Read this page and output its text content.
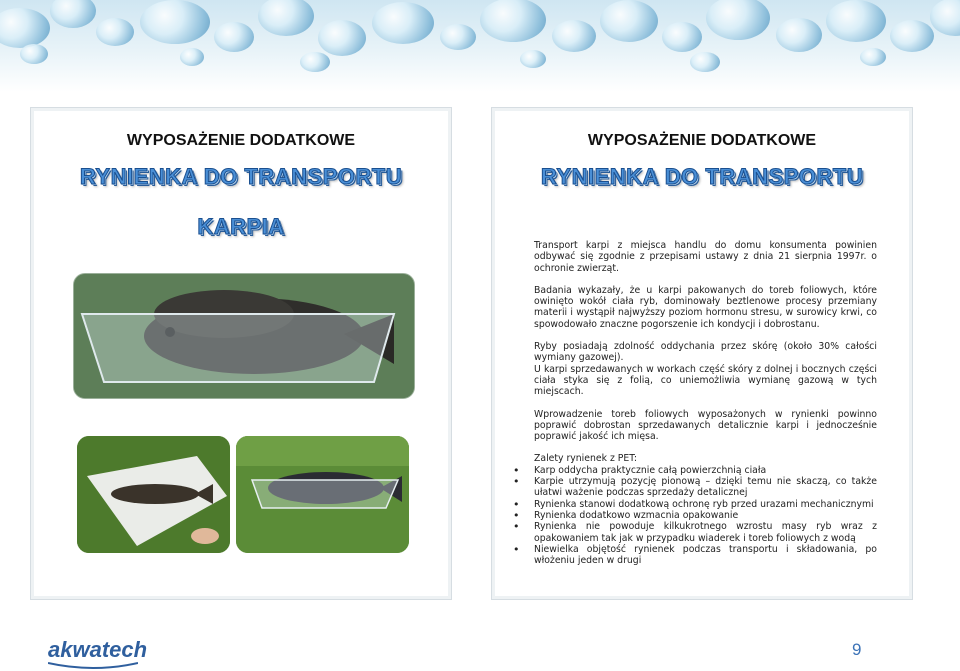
WYPOSAŻENIE DODATKOWE
RYNIENKA DO TRANSPORTU
KARPIA
WYPOSAŻENIE DODATKOWE
RYNIENKA DO TRANSPORTU

Transport karpi z miejsca handlu do domu konsumenta powinien odbywać się zgodnie z przepisami ustawy z dnia 21 sierpnia 1997r. o ochronie zwierząt.

Badania wykazały, że u karpi pakowanych do toreb foliowych, które owinięto wokół ciała ryb, dominowały beztlenowe procesy przemiany materii i wystąpił najwyższy poziom hormonu stresu, w surowicy krwi, co spowodowało znaczne pogorszenie ich kondycji i dobrostanu.

Ryby posiadają zdolność oddychania przez skórę (około 30% całości wymiany gazowej).

U karpi sprzedawanych w workach część skóry z dolnej i bocznych części ciała styka się z folią, co uniemożliwia wymianę gazową w tych miejscach.

Wprowadzenie toreb foliowych wyposażonych w rynienki powinno poprawić dobrostan sprzedawanych detalicznie karpi i jednocześnie poprawić jakość ich mięsa.

Zalety rynienek z PET:

• Karp oddycha praktycznie całą powierzchnią ciała
• Karpie utrzymują pozycję pionową – dzięki temu nie skaczą, co także ułatwi ważenie podczas sprzedaży detalicznej
• Rynienka stanowi dodatkową ochronę ryb przed urazami mechanicznymi
• Rynienka dodatkowo wzmacnia opakowanie
• Rynienka nie powoduje kilkukrotnego wzrostu masy ryb wraz z opakowaniem tak jak w przypadku wiaderek i toreb foliowych z wodą
• Niewielka objętość rynienek podczas transportu i składowania, po włożeniu jeden w drugi
akwatech	9
